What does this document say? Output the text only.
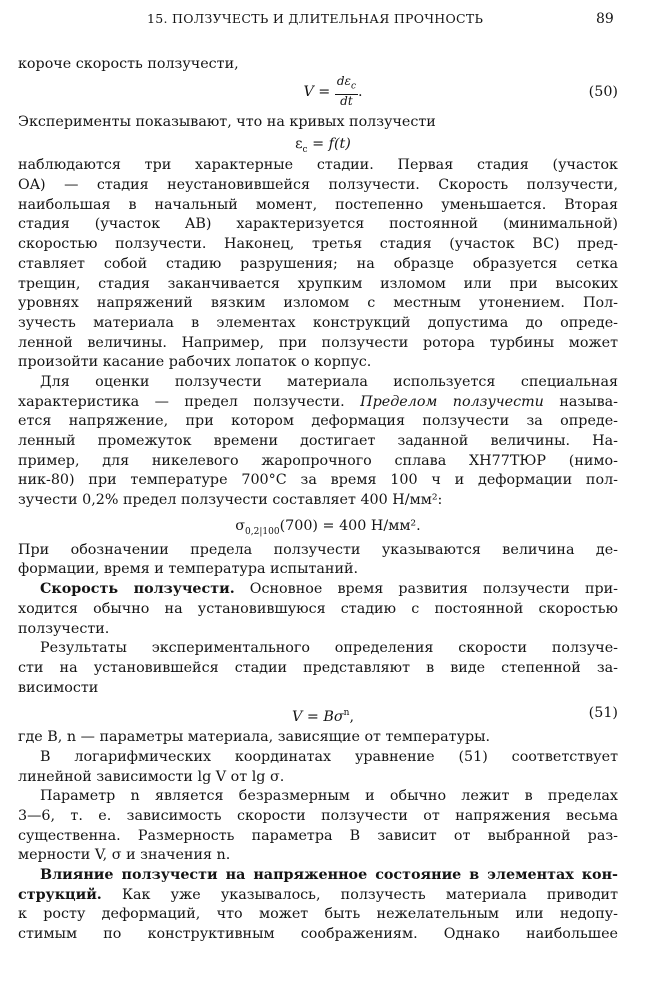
15. ПОЛЗУЧЕСТЬ И ДЛИТЕЛЬНАЯ ПРОЧНОСТЬ	89
короче скорость ползучести,
$V = \frac{d\varepsilon_c}{dt}$ .	(50)
Эксперименты показывают, что на кривых ползучести
$\varepsilon_c = f(t)$
наблюдаются три характерные стадии. Первая стадия (участок
OA) — стадия неустановившейся ползучести. Скорость ползучести,
наибольшая в начальный момент, постепенно уменьшается. Вторая
стадия (участок AB) характеризуется постоянной (минимальной)
скоростью ползучести. Наконец, третья стадия (участок BC) пред-
ставляет собой стадию разрушения; на образце образуется сетка
трещин, стадия заканчивается хрупким изломом или при высоких
уровнях напряжений вязким изломом с местным утонением. Пол-
зучесть материала в элементах конструкций допустима до опреде-
ленной величины. Например, при ползучести ротора турбины может
произойти касание рабочих лопаток о корпус.
Для оценки ползучести материала используется специальная
характеристика — предел ползучести. Пределом ползучести называ-
ется напряжение, при котором деформация ползучести за опреде-
ленный промежуток времени достигает заданной величины. На-
пример, для никелевого жаропрочного сплава ХН77ТЮР (нимо-
ник-80) при температуре 700°С за время 100 ч и деформации пол-
зучести 0,2% предел ползучести составляет 400 Н/мм²:
$\sigma_{0,2|100}(700) = 400$ Н/мм².
При обозначении предела ползучести указываются величина де-
формации, время и температура испытаний.
Скорость ползучести. Основное время развития ползучести при-
ходится обычно на установившуюся стадию с постоянной скоростью
ползучести.
Результаты экспериментального определения скорости ползуче-
сти на установившейся стадии представляют в виде степенной за-
висимости
$V = B\sigma^n$,	(51)
где B, n — параметры материала, зависящие от температуры.
В логарифмических координатах уравнение (51) соответствует
линейной зависимости lg V от lg σ.
Параметр n является безразмерным и обычно лежит в пределах
3—6, т. е. зависимость скорости ползучести от напряжения весьма
существенна. Размерность параметра B зависит от выбранной раз-
мерности V, σ и значения n.
Влияние ползучести на напряженное состояние в элементах кон-
струкций. Как уже указывалось, ползучесть материала приводит
к росту деформаций, что может быть нежелательным или недопу-
стимым по конструктивным соображениям. Однако наибольшее
